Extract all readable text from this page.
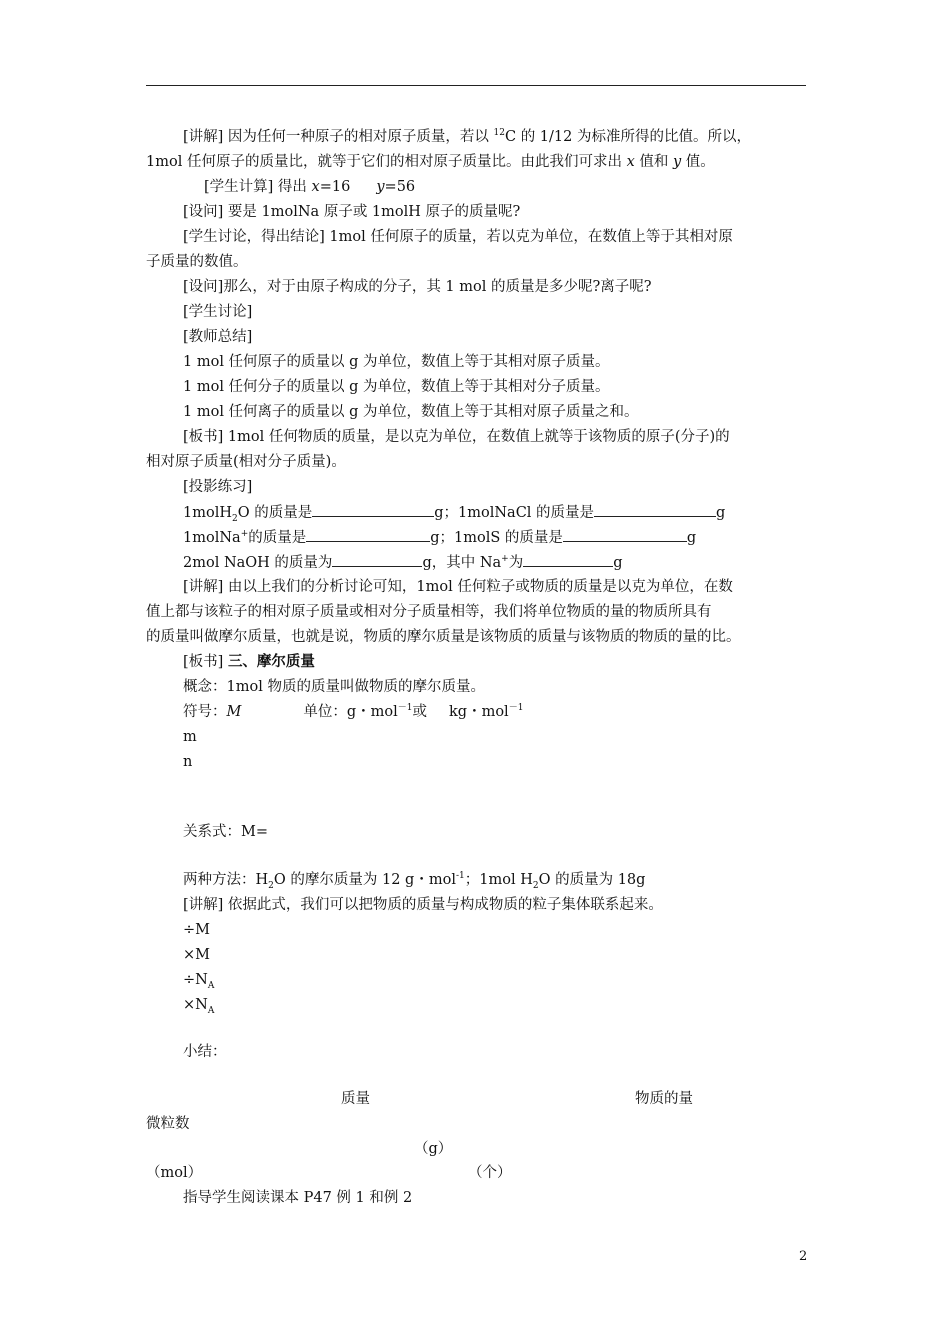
[讲解] 因为任何一种原子的相对原子质量，若以 $^{12}$C 的 1/12 为标准所得的比值。所以，
1mol 任何原子的质量比，就等于它们的相对原子质量比。由此我们可求出 x 值和 y 值。
[学生计算] 得出 x=16 y=56
[设问] 要是 1molNa 原子或 1molH 原子的质量呢?
[学生讨论，得出结论] 1mol 任何原子的质量，若以克为单位，在数值上等于其相对原
子质量的数值。
[设问]那么，对于由原子构成的分子，其 1 mol 的质量是多少呢?离子呢?
[学生讨论]
[教师总结]
1 mol 任何原子的质量以 g 为单位，数值上等于其相对原子质量。
1 mol 任何分子的质量以 g 为单位，数值上等于其相对分子质量。
1 mol 任何离子的质量以 g 为单位，数值上等于其相对原子质量之和。
[板书] 1mol 任何物质的质量，是以克为单位，在数值上就等于该物质的原子(分子)的
相对原子质量(相对分子质量)。
[投影练习]
1molH$_2$O 的质量是	g；1molNaCl 的质量是	g
1molNa+的质量是	g；1molS 的质量是	g
2mol NaOH 的质量为	g，其中 Na+为	g
[讲解] 由以上我们的分析讨论可知，1mol 任何粒子或物质的质量是以克为单位，在数
值上都与该粒子的相对原子质量或相对分子质量相等，我们将单位物质的量的物质所具有
的质量叫做摩尔质量，也就是说，物质的摩尔质量是该物质的质量与该物质的物质的量的比。
[板书] 三、摩尔质量
概念：1mol 物质的质量叫做物质的摩尔质量。
符号：M	单位：g・mol$^{-1}$或 kg・mol$^{-1}$
m
n
关系式：M=
两种方法：$H_2O$ 的摩尔质量为 12 g・mol$^{-1}$；1mol $H_2O$ 的质量为 18g
[讲解] 依据此式，我们可以把物质的质量与构成物质的粒子集体联系起来。
÷M
×M
$\div N_A$
$\times N_A$
小结：
质量	物质的量
微粒数
（g）
（mol）	（个）
指导学生阅读课本 P47 例 1 和例 2
2
